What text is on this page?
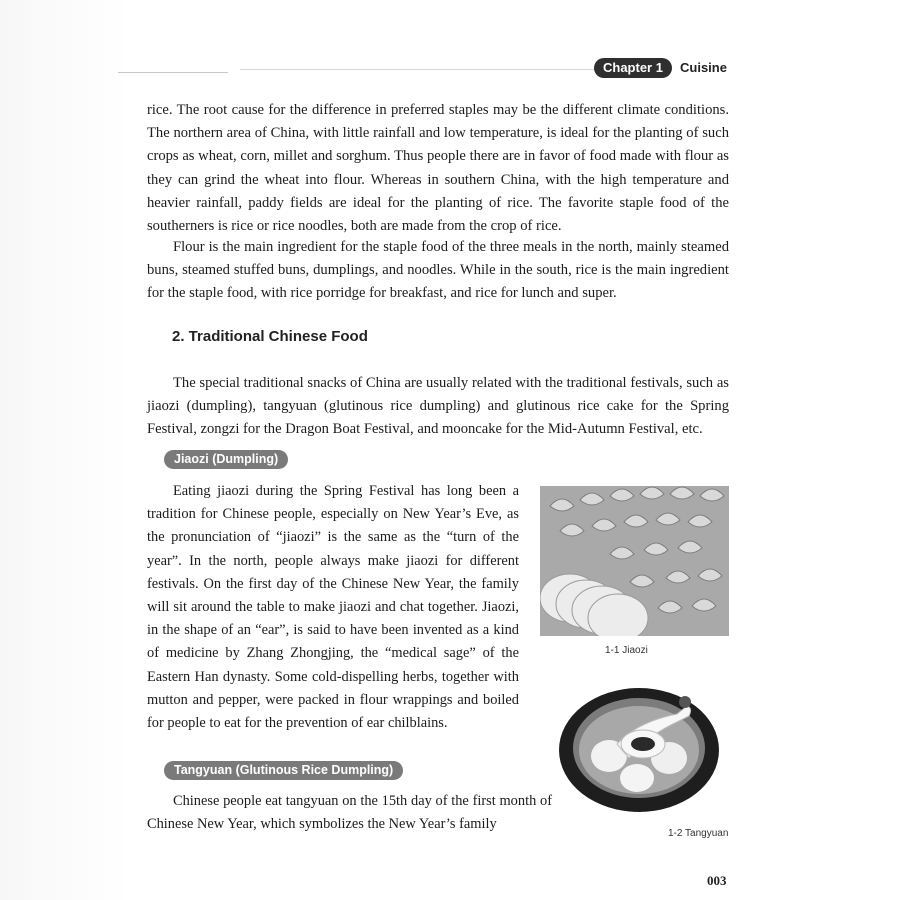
Chapter 1	Cuisine

rice. The root cause for the difference in preferred staples may be the different climate conditions. The northern area of China, with little rainfall and low temperature, is ideal for the planting of such crops as wheat, corn, millet and sorghum. Thus people there are in favor of food made with flour as they can grind the wheat into flour. Whereas in southern China, with the high temperature and heavier rainfall, paddy fields are ideal for the planting of rice. The favorite staple food of the southerners is rice or rice noodles, both are made from the crop of rice.

Flour is the main ingredient for the staple food of the three meals in the north, mainly steamed buns, steamed stuffed buns, dumplings, and noodles. While in the south, rice is the main ingredient for the staple food, with rice porridge for breakfast, and rice for lunch and super.

2. Traditional Chinese Food

The special traditional snacks of China are usually related with the traditional festivals, such as jiaozi (dumpling), tangyuan (glutinous rice dumpling) and glutinous rice cake for the Spring Festival, zongzi for the Dragon Boat Festival, and mooncake for the Mid-Autumn Festival, etc.

Jiaozi (Dumpling)

Eating jiaozi during the Spring Festival has long been a tradition for Chinese people, especially on New Year’s Eve, as the pronunciation of “jiaozi” is the same as the “turn of the year”. In the north, people always make jiaozi for different festivals. On the first day of the Chinese New Year, the family will sit around the table to make jiaozi and chat together. Jiaozi, in the shape of an “ear”, is said to have been invented as a kind of medicine by Zhang Zhongjing, the “medical sage” of the Eastern Han dynasty. Some cold-dispelling herbs, together with mutton and pepper, were packed in flour wrappings and boiled for people to eat for the prevention of ear chilblains.

Tangyuan (Glutinous Rice Dumpling)

Chinese people eat tangyuan on the 15th day of the first month of Chinese New Year, which symbolizes the New Year’s family

1-1 Jiaozi
1-2 Tangyuan
003
